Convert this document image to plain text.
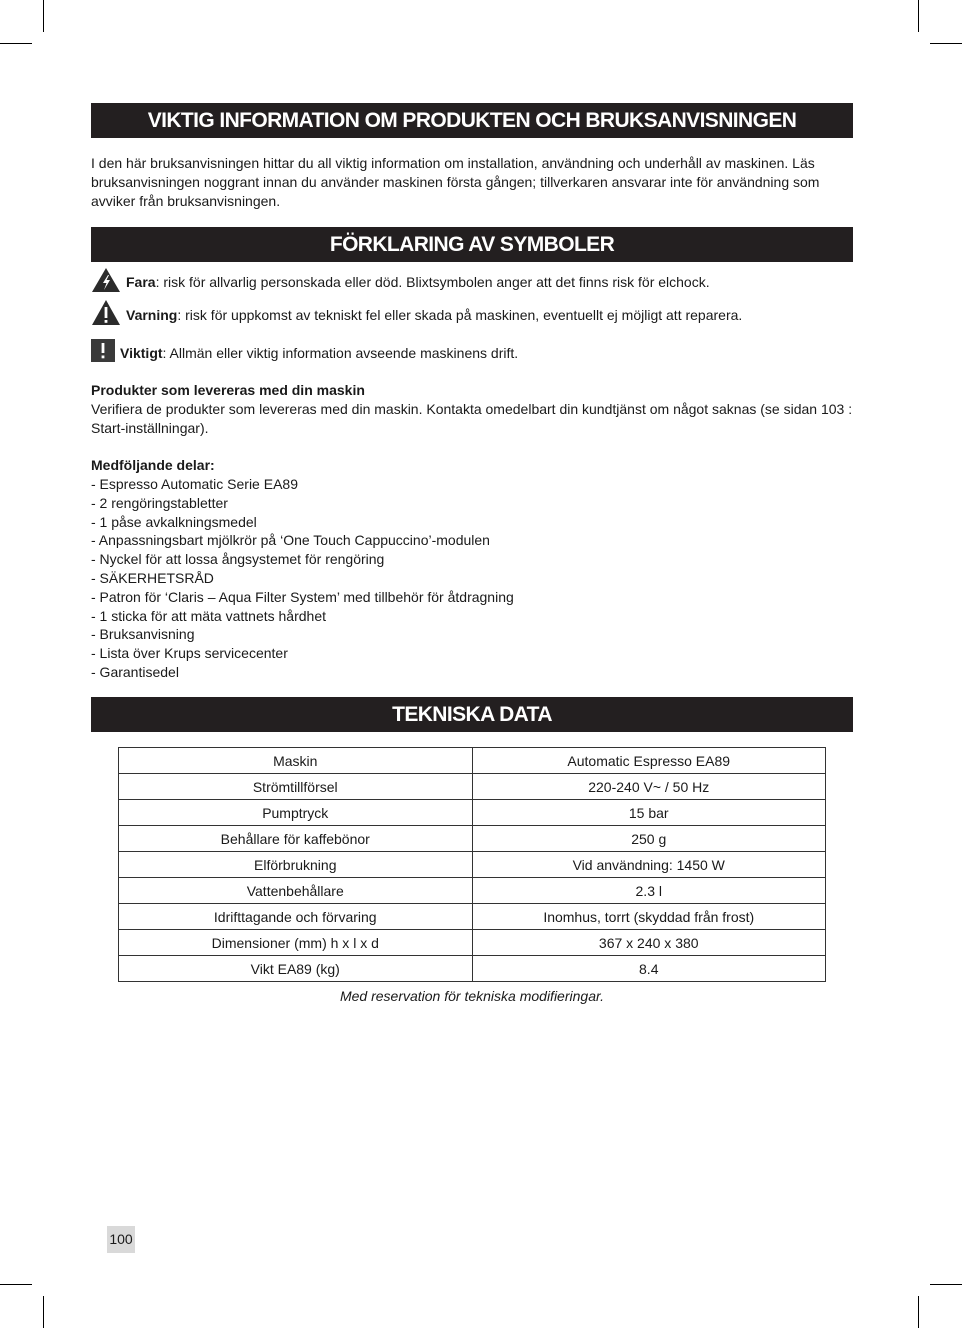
VIKTIG INFORMATION OM PRODUKTEN OCH BRUKSANVISNINGEN

I den här bruksanvisningen hittar du all viktig information om installation, användning och underhåll av maskinen. Läs bruksanvisningen noggrant innan du använder maskinen första gången; tillverkaren ansvarar inte för användning som avviker från bruksanvisningen.

FÖRKLARING AV SYMBOLER
Fara: risk för allvarlig personskada eller död. Blixtsymbolen anger att det finns risk för elchock.
Varning: risk för uppkomst av tekniskt fel eller skada på maskinen, eventuellt ej möjligt att reparera.
Viktigt: Allmän eller viktig information avseende maskinens drift.

Produkter som levereras med din maskin

Verifiera de produkter som levereras med din maskin. Kontakta omedelbart din kundtjänst om något saknas (se sidan 103 : Start-inställningar).

Medföljande delar:

- Espresso Automatic Serie EA89
- 2 rengöringstabletter
- 1 påse avkalkningsmedel
- Anpassningsbart mjölkrör på ‘One Touch Cappuccino’-modulen
- Nyckel för att lossa ångsystemet för rengöring
- SÄKERHETSRÅD
- Patron för ‘Claris – Aqua Filter System’ med tillbehör för åtdragning
- 1 sticka för att mäta vattnets hårdhet
- Bruksanvisning
- Lista över Krups servicecenter
- Garantisedel
TEKNISKA DATA
Maskin	Automatic Espresso EA89
Strömtillförsel	220-240 V~ / 50 Hz
Pumptryck	15 bar
Behållare för kaffebönor	250 g
Elförbrukning	Vid användning: 1450 W
Vattenbehållare	2.3 l
Idrifttagande och förvaring	Inomhus, torrt (skyddad från frost)
Dimensioner (mm) h x l x d	367 x 240 x 380
Vikt EA89 (kg)	8.4
Med reservation för tekniska modifieringar.
100
